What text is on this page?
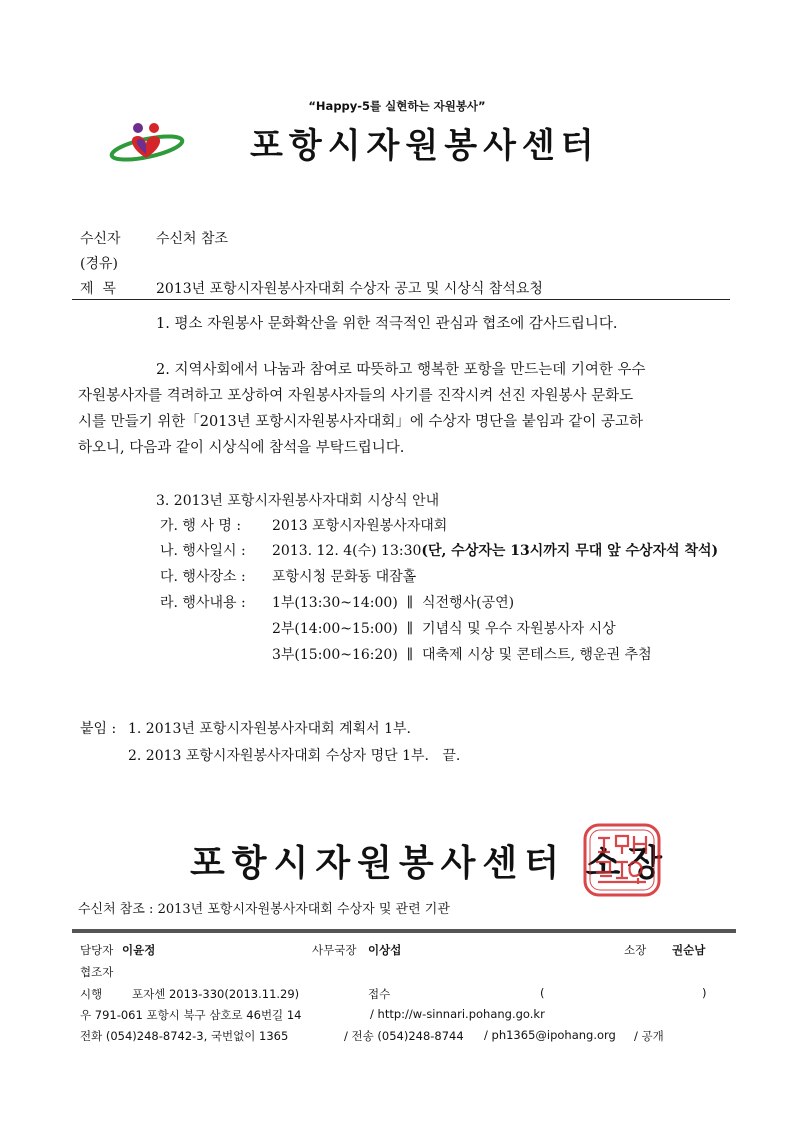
“Happy-5를 실현하는 자원봉사”
포항시자원봉사센터
수신자	수신처 참조
(경유)
제  목	2013년 포항시자원봉사자대회 수상자 공고 및 시상식 참석요청
1. 평소 자원봉사 문화확산을 위한 적극적인 관심과 협조에 감사드립니다.
2. 지역사회에서 나눔과 참여로 따뜻하고 행복한 포항을 만드는데 기여한 우수
자원봉사자를 격려하고 포상하여 자원봉사자들의 사기를 진작시켜 선진 자원봉사 문화도
시를 만들기 위한「2013년 포항시자원봉사자대회」에 수상자 명단을 붙임과 같이 공고하
하오니, 다음과 같이 시상식에 참석을 부탁드립니다.
3. 2013년 포항시자원봉사자대회 시상식 안내
가. 행 사 명 : 2013 포항시자원봉사자대회
나. 행사일시 : 2013. 12. 4(수) 13:30(단, 수상자는 13시까지 무대 앞 수상자석 착석)
다. 행사장소 : 포항시청 문화동 대잠홀
라. 행사내용 : 1부(13:30~14:00)  ∥  식전행사(공연)
2부(14:00~15:00)  ∥  기념식 및 우수 자원봉사자 시상
3부(15:00~16:20)  ∥  대축제 시상 및 콘테스트, 행운권 추첨
붙임 : 1. 2013년 포항시자원봉사자대회 계획서 1부.
2. 2013 포항시자원봉사자대회 수상자 명단 1부.   끝.
포항시자원봉사센터 소장
수신처 참조 : 2013년 포항시자원봉사자대회 수상자 및 관련 기관
담당자 이윤정	사무국장 이상섭	소장 권순남
협조자
시행	포자센 2013-330(2013.11.29)	접수	(	)
우 791-061 포항시 북구 삼호로 46번길 14	/ http://w-sinnari.pohang.go.kr
전화 (054)248-8742-3, 국번없이 1365	/ 전송 (054)248-8744 / ph1365@ipohang.org / 공개
